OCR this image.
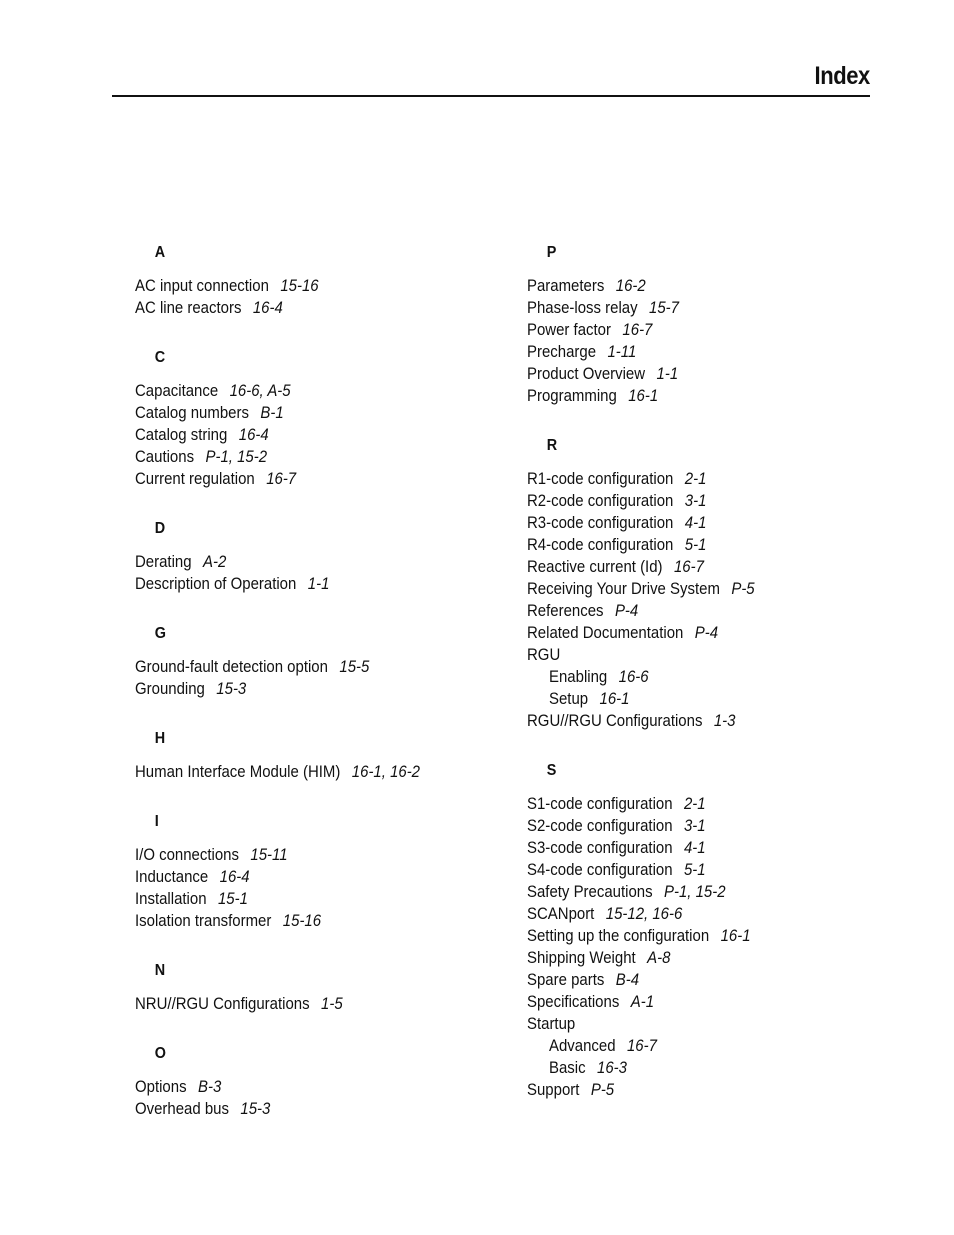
Index
A
AC input connection 15-16
AC line reactors 16-4
C
Capacitance 16-6, A-5
Catalog numbers B-1
Catalog string 16-4
Cautions P-1, 15-2
Current regulation 16-7
D
Derating A-2
Description of Operation 1-1
G
Ground-fault detection option 15-5
Grounding 15-3
H
Human Interface Module (HIM) 16-1, 16-2
I
I/O connections 15-11
Inductance 16-4
Installation 15-1
Isolation transformer 15-16
N
NRU//RGU Configurations 1-5
O
Options B-3
Overhead bus 15-3
P
Parameters 16-2
Phase-loss relay 15-7
Power factor 16-7
Precharge 1-11
Product Overview 1-1
Programming 16-1
R
R1-code configuration 2-1
R2-code configuration 3-1
R3-code configuration 4-1
R4-code configuration 5-1
Reactive current (Id) 16-7
Receiving Your Drive System P-5
References P-4
Related Documentation P-4
RGU
Enabling 16-6
Setup 16-1
RGU//RGU Configurations 1-3
S
S1-code configuration 2-1
S2-code configuration 3-1
S3-code configuration 4-1
S4-code configuration 5-1
Safety Precautions P-1, 15-2
SCANport 15-12, 16-6
Setting up the configuration 16-1
Shipping Weight A-8
Spare parts B-4
Specifications A-1
Startup
Advanced 16-7
Basic 16-3
Support P-5
